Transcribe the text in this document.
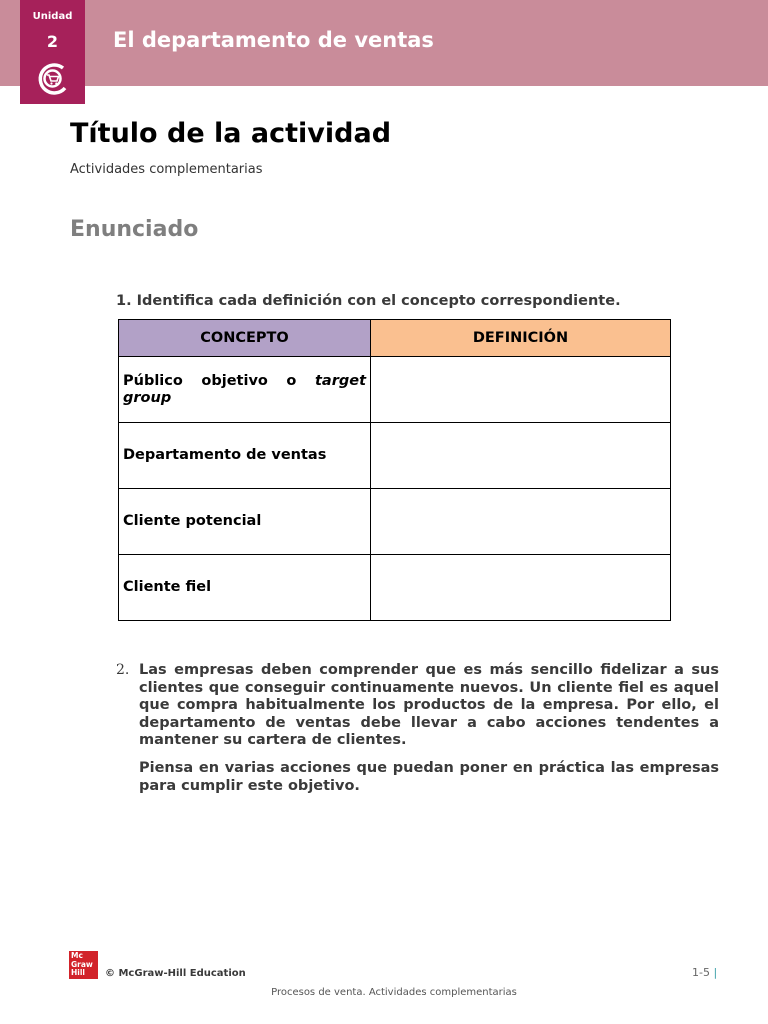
Unidad
2	El departamento de ventas
Título de la actividad
Actividades complementarias
Enunciado
1. Identifica cada definición con el concepto correspondiente.
CONCEPTO	DEFINICIÓN
Público objetivo o target group	
Departamento de ventas	
Cliente potencial	
Cliente fiel	
2. Las empresas deben comprender que es más sencillo fidelizar a sus clientes que conseguir continuamente nuevos. Un cliente fiel es aquel que compra habitualmente los productos de la empresa. Por ello, el departamento de ventas debe llevar a cabo acciones tendentes a mantener su cartera de clientes.

Piensa en varias acciones que puedan poner en práctica las empresas para cumplir este objetivo.

Mc Graw Hill	© McGraw-Hill Education	1-5 |
Procesos de venta. Actividades complementarias
